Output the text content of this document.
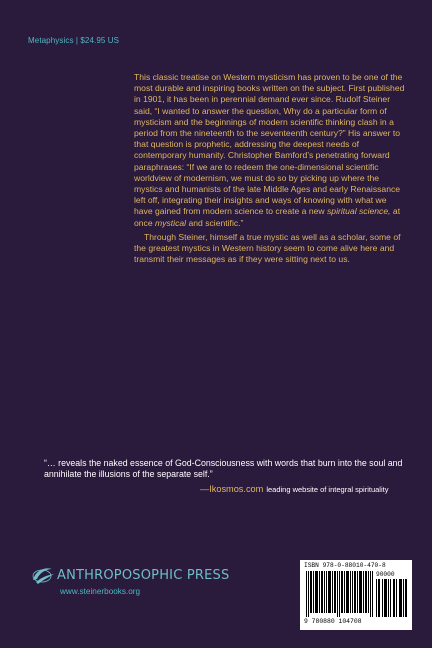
Metaphysics | $24.95 US

This classic treatise on Western mysticism has proven to be one of the most durable and inspiring books written on the subject. First published in 1901, it has been in perennial demand ever since. Rudolf Steiner said, “I wanted to answer the question, Why do a particular form of mysticism and the beginnings of modern scientific thinking clash in a period from the nineteenth to the seventeenth century?” His answer to that question is prophetic, addressing the deepest needs of contemporary humanity. Christopher Bamford’s penetrating forward paraphrases: “If we are to redeem the one-dimensional scientific worldview of modernism, we must do so by picking up where the mystics and humanists of the late Middle Ages and early Renaissance left off, integrating their insights and ways of knowing with what we have gained from modern science to create a new spiritual science, at once mystical and scientific.”

Through Steiner, himself a true mystic as well as a scholar, some of the greatest mystics in Western history seem to come alive here and transmit their messages as if they were sitting next to us.

“… reveals the naked essence of God-Consciousness with words that burn into the soul and annihilate the illusions of the separate self.”
—Ikosmos.com leading website of integral spirituality
ANTHROPOSOPHIC PRESS
www.steinerbooks.org
ISBN 978-0-88010-470-8
90000
9 780880 104708
